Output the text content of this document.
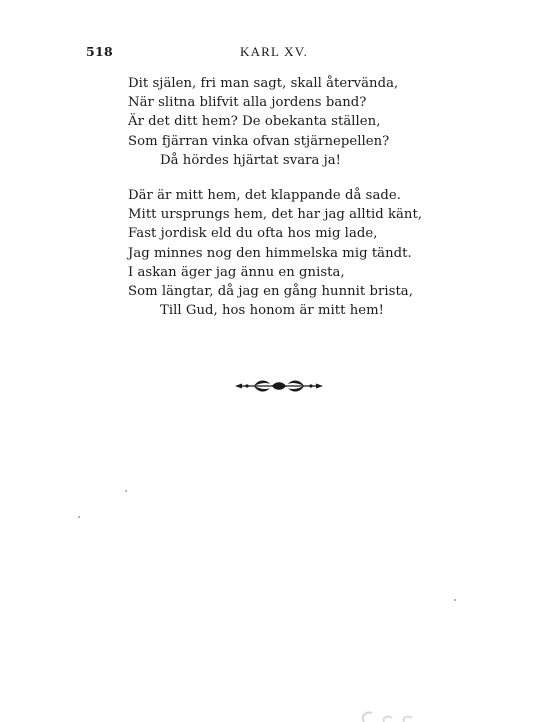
518	KARL XV.
Dit själen, fri man sagt, skall återvända,
När slitna blifvit alla jordens band?
Är det ditt hem? De obekanta ställen,
Som fjärran vinka ofvan stjärnepellen?
Då hördes hjärtat svara ja!
Där är mitt hem, det klappande då sade.
Mitt ursprungs hem, det har jag alltid känt,
Fast jordisk eld du ofta hos mig lade,
Jag minnes nog den himmelska mig tändt.
I askan äger jag ännu en gnista,
Som längtar, då jag en gång hunnit brista,
Till Gud, hos honom är mitt hem!
